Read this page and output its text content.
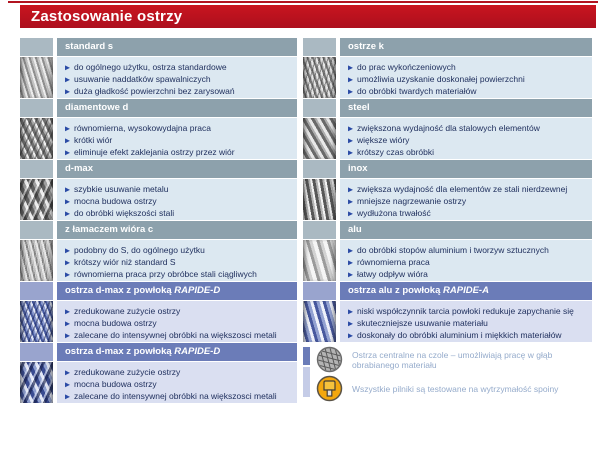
Zastosowanie ostrzy
standard s
▶
do ogólnego użytku, ostrza standardowe
▶
usuwanie naddatków spawalniczych
▶
duża gładkość powierzchni bez zarysowań
diamentowe d
▶
równomierna, wysokowydajna praca
▶
krótki wiór
▶
eliminuje efekt zaklejania ostrzy przez wiór
d-max
▶
szybkie usuwanie metalu
▶
mocna budowa ostrzy
▶
do obróbki większości stali
z łamaczem wióra c
▶
podobny do S, do ogólnego użytku
▶
krótszy wiór niż standard S
▶
równomierna praca przy obróbce stali ciągliwych
ostrza d-max z powłoką RAPIDE-D
▶
zredukowane zużycie ostrzy
▶
mocna budowa ostrzy
▶
zalecane do intensywnej obróbki na większosci metali
ostrza d-max z powłoką RAPIDE-D
▶
zredukowane zużycie ostrzy
▶
mocna budowa ostrzy
▶
zalecane do intensywnej obróbki na większosci metali
ostrze k
▶
do prac wykończeniowych
▶
umożliwia uzyskanie doskonałej powierzchni
▶
do obróbki twardych materiałów
steel
▶
zwiększona wydajność dla stalowych elementów
▶
większe wióry
▶
krótszy czas obróbki
inox
▶
zwiększa wydajność dla elementów ze stali nierdzewnej
▶
mniejsze nagrzewanie ostrzy
▶
wydłużona trwałość
alu
▶
do obróbki stopów aluminium i tworzyw sztucznych
▶
równomierna praca
▶
łatwy odpływ wióra
ostrza alu z powłoką RAPIDE-A
▶
niski współczynnik tarcia powłoki redukuje zapychanie się
▶
skuteczniejsze usuwanie materiału
▶
doskonały do obróbki aluminium i miękkich materiałów
Ostrza centralne na czole – umożliwiają pracę w głąb obrabianego materiału
Wszystkie pilniki są testowane na wytrzymałość spoiny
